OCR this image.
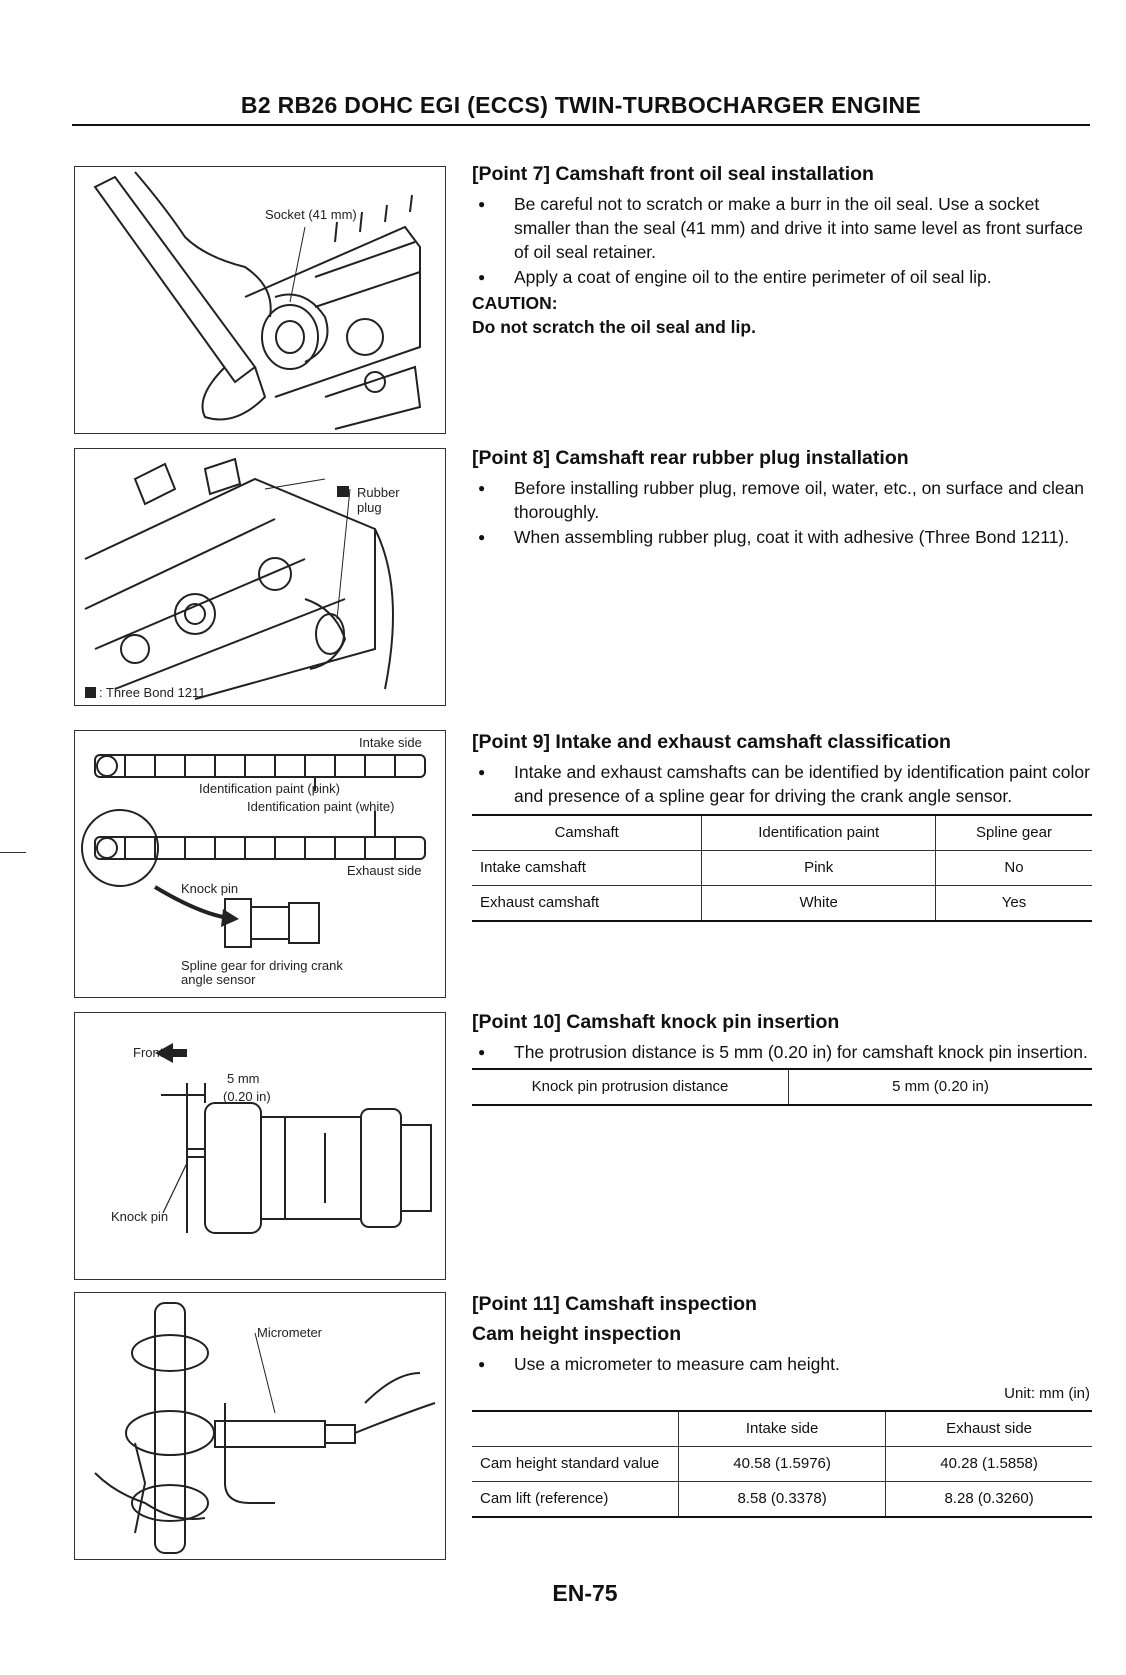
B2 RB26 DOHC EGI (ECCS) TWIN-TURBOCHARGER ENGINE
Socket (41 mm)
Rubber plug
: Three Bond 1211
Intake side
Identification paint (pink)
Identification paint (white)
Exhaust side
Knock pin
Spline gear for driving crank angle sensor
Front
5 mm
(0.20 in)
Knock pin
Micrometer
[Point 7] Camshaft front oil seal installation
● Be careful not to scratch or make a burr in the oil seal. Use a socket smaller than the seal (41 mm) and drive it into same level as front surface of oil seal retainer.
● Apply a coat of engine oil to the entire perimeter of oil seal lip.
CAUTION:
Do not scratch the oil seal and lip.
[Point 8] Camshaft rear rubber plug installation
● Before installing rubber plug, remove oil, water, etc., on surface and clean thoroughly.
● When assembling rubber plug, coat it with adhesive (Three Bond 1211).
[Point 9] Intake and exhaust camshaft classification
● Intake and exhaust camshafts can be identified by identification paint color and presence of a spline gear for driving the crank angle sensor.
Camshaft	Identification paint	Spline gear
Intake camshaft	Pink	No
Exhaust camshaft	White	Yes
[Point 10] Camshaft knock pin insertion
● The protrusion distance is 5 mm (0.20 in) for camshaft knock pin insertion.
Knock pin protrusion distance	5 mm (0.20 in)
[Point 11] Camshaft inspection
Cam height inspection
● Use a micrometer to measure cam height.
Unit: mm (in)
	Intake side	Exhaust side
Cam height standard value	40.58 (1.5976)	40.28 (1.5858)
Cam lift (reference)	8.58 (0.3378)	8.28 (0.3260)
EN-75
